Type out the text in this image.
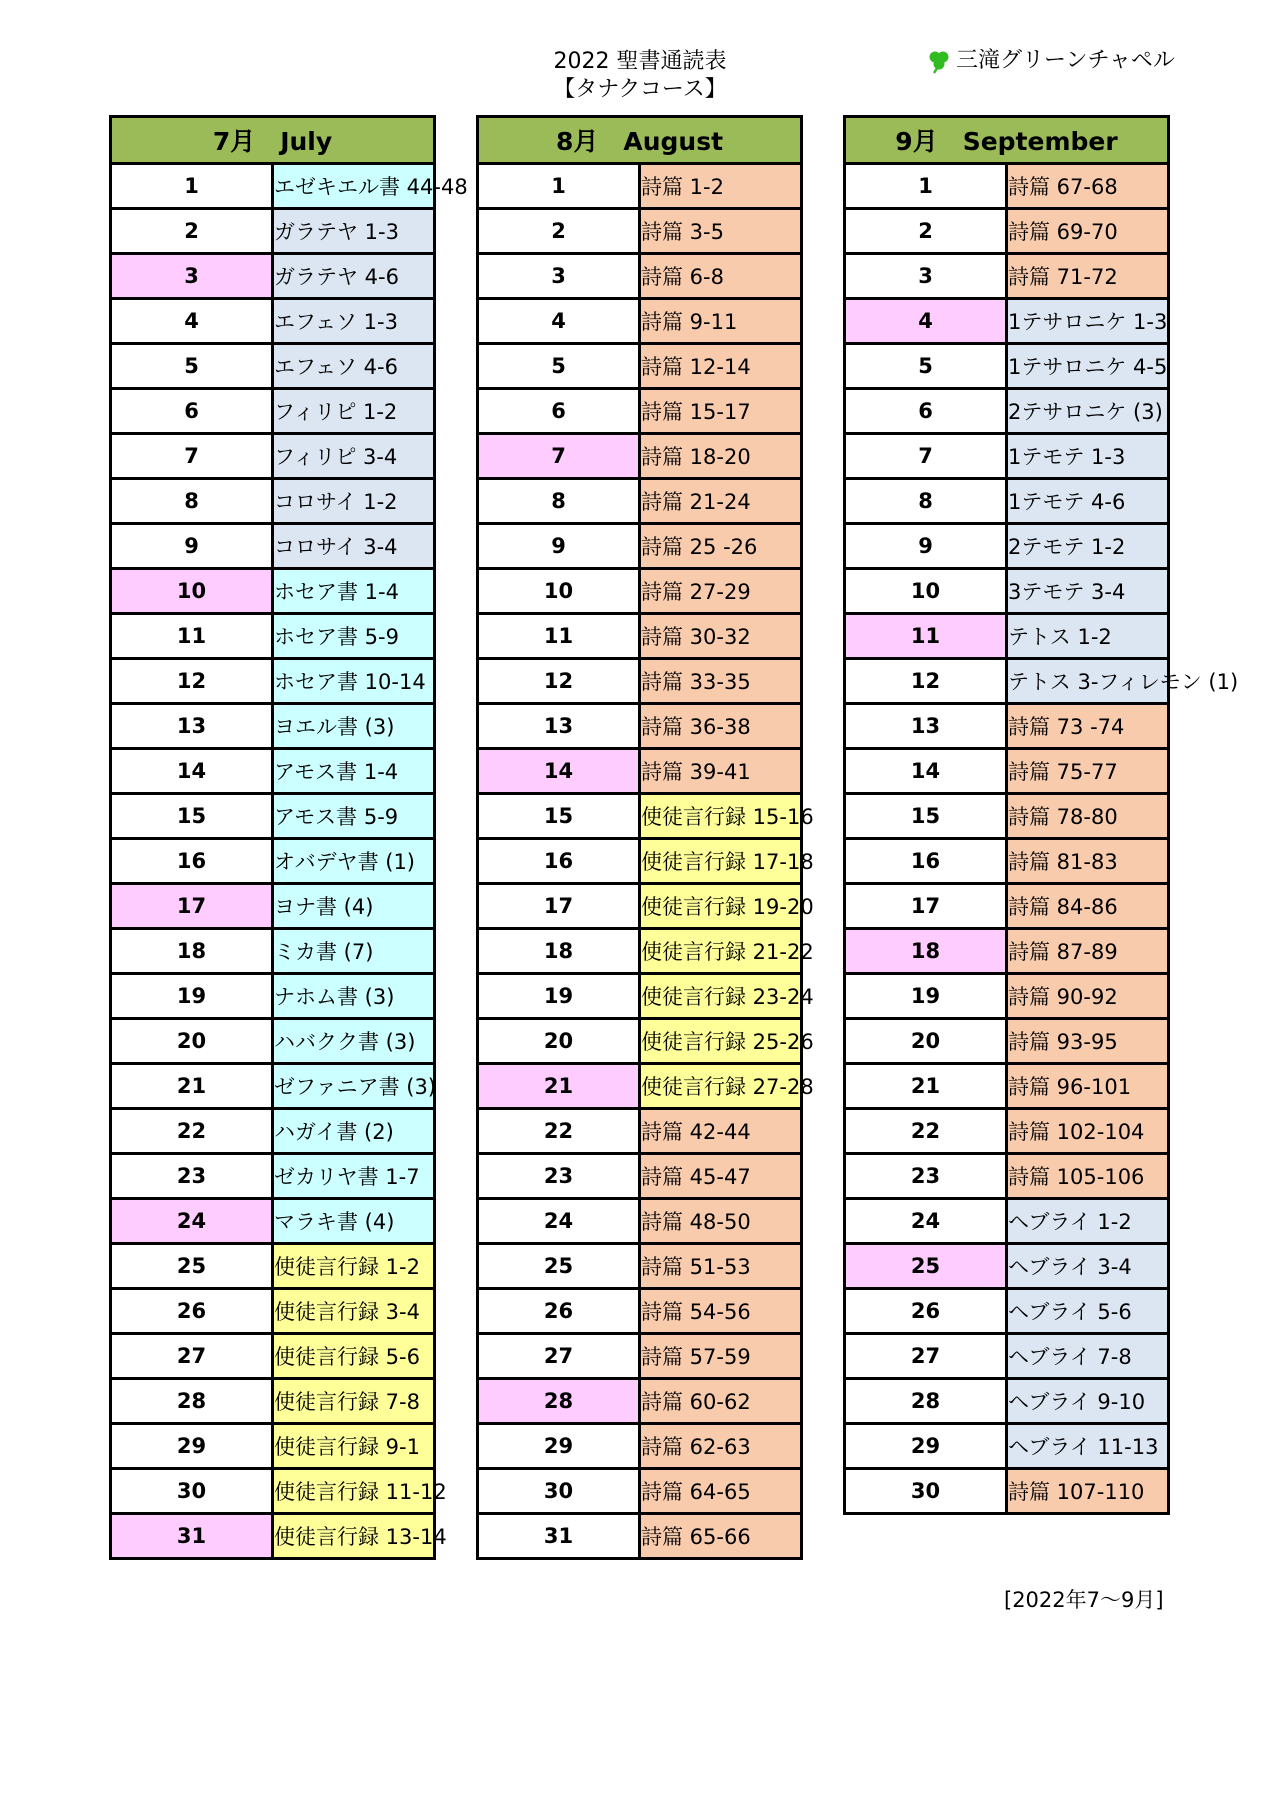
2022 聖書通読表
【タナクコース】
三滝グリーンチャペル
7月　July	
1	エゼキエル書 44-48
2	ガラテヤ 1-3
3	ガラテヤ 4-6
4	エフェソ 1-3
5	エフェソ 4-6
6	フィリピ 1-2
7	フィリピ 3-4
8	コロサイ 1-2
9	コロサイ 3-4
10	ホセア書 1-4
11	ホセア書 5-9
12	ホセア書 10-14
13	ヨエル書 (3)
14	アモス書 1-4
15	アモス書 5-9
16	オバデヤ書 (1)
17	ヨナ書 (4)
18	ミカ書 (7)
19	ナホム書 (3)
20	ハバクク書 (3)
21	ゼファニア書 (3)
22	ハガイ書 (2)
23	ゼカリヤ書 1-7
24	マラキ書 (4)
25	使徒言行録 1-2
26	使徒言行録 3-4
27	使徒言行録 5-6
28	使徒言行録 7-8
29	使徒言行録 9-1
30	使徒言行録 11-12
31	使徒言行録 13-14
8月　August	
1	詩篇 1-2
2	詩篇 3-5
3	詩篇 6-8
4	詩篇 9-11
5	詩篇 12-14
6	詩篇 15-17
7	詩篇 18-20
8	詩篇 21-24
9	詩篇 25 -26
10	詩篇 27-29
11	詩篇 30-32
12	詩篇 33-35
13	詩篇 36-38
14	詩篇 39-41
15	使徒言行録 15-16
16	使徒言行録 17-18
17	使徒言行録 19-20
18	使徒言行録 21-22
19	使徒言行録 23-24
20	使徒言行録 25-26
21	使徒言行録 27-28
22	詩篇 42-44
23	詩篇 45-47
24	詩篇 48-50
25	詩篇 51-53
26	詩篇 54-56
27	詩篇 57-59
28	詩篇 60-62
29	詩篇 62-63
30	詩篇 64-65
31	詩篇 65-66
9月　September	
1	詩篇 67-68
2	詩篇 69-70
3	詩篇 71-72
4	1テサロニケ 1-3
5	1テサロニケ 4-5
6	2テサロニケ (3)
7	1テモテ 1-3
8	1テモテ 4-6
9	2テモテ 1-2
10	3テモテ 3-4
11	テトス 1-2
12	テトス 3-フィレモン (1)
13	詩篇 73 -74
14	詩篇 75-77
15	詩篇 78-80
16	詩篇 81-83
17	詩篇 84-86
18	詩篇 87-89
19	詩篇 90-92
20	詩篇 93-95
21	詩篇 96-101
22	詩篇 102-104
23	詩篇 105-106
24	ヘブライ 1-2
25	ヘブライ 3-4
26	ヘブライ 5-6
27	ヘブライ 7-8
28	ヘブライ 9-10
29	ヘブライ 11-13
30	詩篇 107-110
[2022年7～9月]
